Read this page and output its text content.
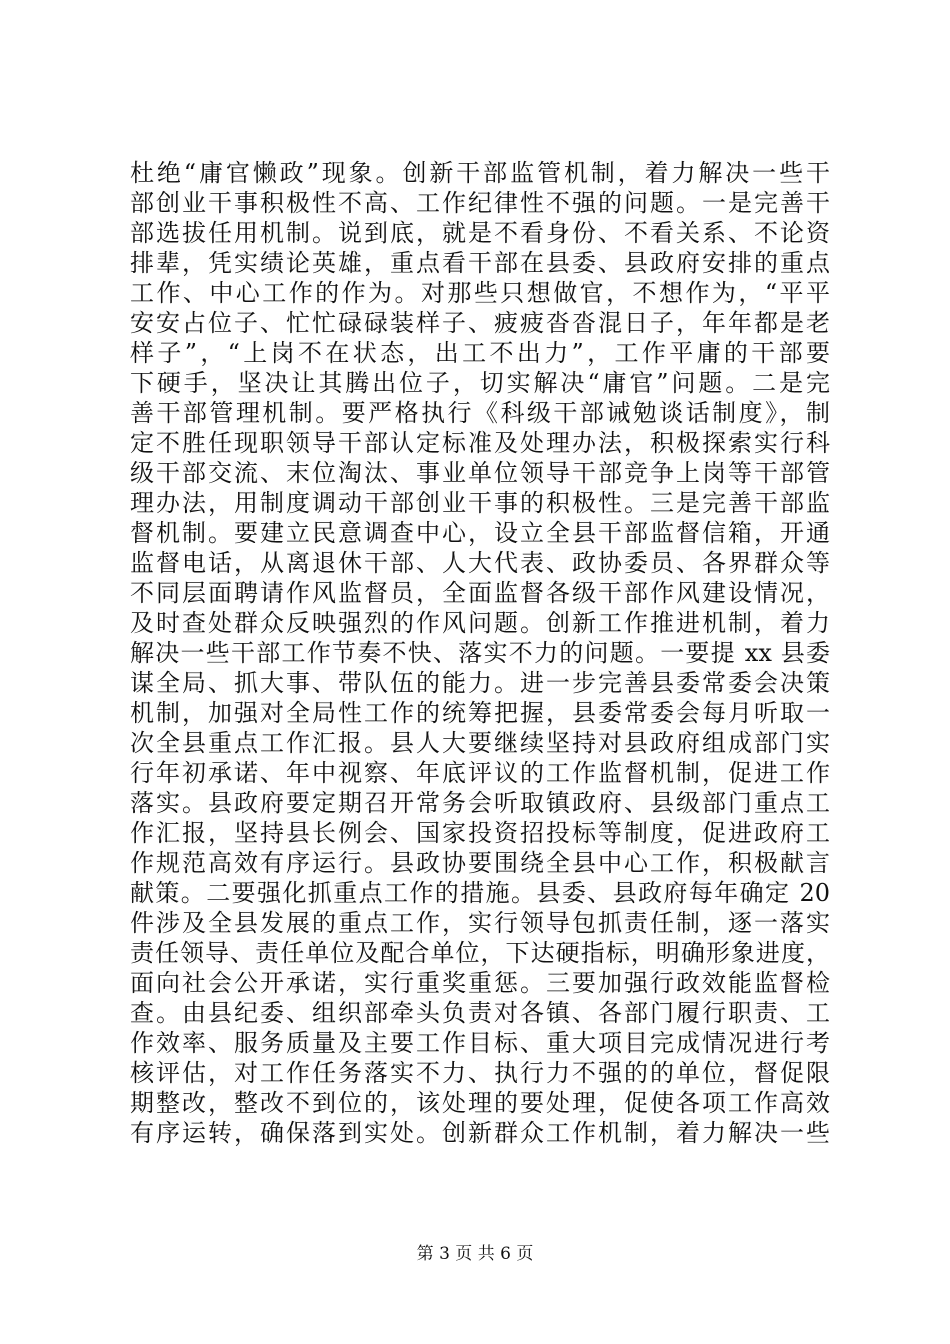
杜绝“庸官懒政”现象。创新干部监管机制，着力解决一些干
部创业干事积极性不高、工作纪律性不强的问题。一是完善干
部选拔任用机制。说到底，就是不看身份、不看关系、不论资
排辈，凭实绩论英雄，重点看干部在县委、县政府安排的重点
工作、中心工作的作为。对那些只想做官，不想作为，“平平
安安占位子、忙忙碌碌装样子、疲疲沓沓混日子，年年都是老
样子”，“上岗不在状态，出工不出力”，工作平庸的干部要
下硬手，坚决让其腾出位子，切实解决“庸官”问题。二是完
善干部管理机制。要严格执行《科级干部诫勉谈话制度》，制
定不胜任现职领导干部认定标准及处理办法，积极探索实行科
级干部交流、末位淘汰、事业单位领导干部竞争上岗等干部管
理办法，用制度调动干部创业干事的积极性。三是完善干部监
督机制。要建立民意调查中心，设立全县干部监督信箱，开通
监督电话，从离退休干部、人大代表、政协委员、各界群众等
不同层面聘请作风监督员，全面监督各级干部作风建设情况，
及时查处群众反映强烈的作风问题。创新工作推进机制，着力
解决一些干部工作节奏不快、落实不力的问题。一要提 xx 县委
谋全局、抓大事、带队伍的能力。进一步完善县委常委会决策
机制，加强对全局性工作的统筹把握，县委常委会每月听取一
次全县重点工作汇报。县人大要继续坚持对县政府组成部门实
行年初承诺、年中视察、年底评议的工作监督机制，促进工作
落实。县政府要定期召开常务会听取镇政府、县级部门重点工
作汇报，坚持县长例会、国家投资招投标等制度，促进政府工
作规范高效有序运行。县政协要围绕全县中心工作，积极献言
献策。二要强化抓重点工作的措施。县委、县政府每年确定 20
件涉及全县发展的重点工作，实行领导包抓责任制，逐一落实
责任领导、责任单位及配合单位，下达硬指标，明确形象进度，
面向社会公开承诺，实行重奖重惩。三要加强行政效能监督检
查。由县纪委、组织部牵头负责对各镇、各部门履行职责、工
作效率、服务质量及主要工作目标、重大项目完成情况进行考
核评估，对工作任务落实不力、执行力不强的的单位，督促限
期整改，整改不到位的，该处理的要处理，促使各项工作高效
有序运转，确保落到实处。创新群众工作机制，着力解决一些
第 3 页 共 6 页
